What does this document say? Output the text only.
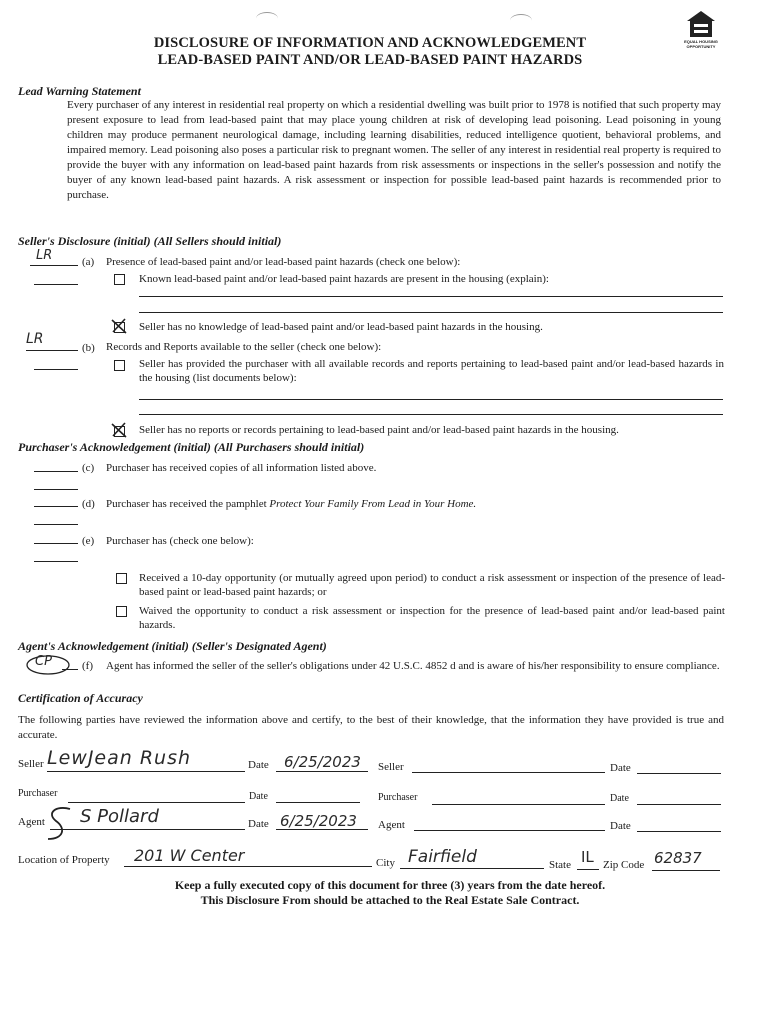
EQUAL HOUSING OPPORTUNITY
DISCLOSURE OF INFORMATION AND ACKNOWLEDGEMENT
LEAD-BASED PAINT AND/OR LEAD-BASED PAINT HAZARDS
Lead Warning Statement
Every purchaser of any interest in residential real property on which a residential dwelling was built prior to 1978 is notified that such property may present exposure to lead from lead-based paint that may place young children at risk of developing lead poisoning. Lead poisoning in young children may produce permanent neurological damage, including learning disabilities, reduced intelligence quotient, behavioral problems, and impaired memory. Lead poisoning also poses a particular risk to pregnant women. The seller of any interest in residential real property is required to provide the buyer with any information on lead-based paint hazards from risk assessments or inspections in the seller's possession and notify the buyer of any known lead-based paint hazards. A risk assessment or inspection for possible lead-based paint hazards is recommended prior to purchase.
Seller's Disclosure (initial) (All Sellers should initial)
LR	(a) Presence of lead-based paint and/or lead-based paint hazards (check one below):
Known lead-based paint and/or lead-based paint hazards are present in the housing (explain):
Seller has no knowledge of lead-based paint and/or lead-based paint hazards in the housing.
LR
(b) Records and Reports available to the seller (check one below):
Seller has provided the purchaser with all available records and reports pertaining to lead-based paint and/or lead-based hazards in the housing (list documents below):
Seller has no reports or records pertaining to lead-based paint and/or lead-based paint hazards in the housing.
Purchaser's Acknowledgement (initial) (All Purchasers should initial)
(c) Purchaser has received copies of all information listed above.
(d) Purchaser has received the pamphlet Protect Your Family From Lead in Your Home.
(e) Purchaser has (check one below):
Received a 10-day opportunity (or mutually agreed upon period) to conduct a risk assessment or inspection of the presence of lead-based paint or lead-based paint hazards; or
Waived the opportunity to conduct a risk assessment or inspection for the presence of lead-based paint and/or lead-based paint hazards.
Agent's Acknowledgement (initial) (Seller's Designated Agent)
CP	(f) Agent has informed the seller of the seller's obligations under 42 U.S.C. 4852 d and is aware of his/her responsibility to ensure compliance.
Certification of Accuracy
The following parties have reviewed the information above and certify, to the best of their knowledge, that the information they have provided is true and accurate.
Seller LewJean Rush	Date 6/25/2023 Seller	Date
Purchaser	Date	Purchaser	Date
Agent S Pollard	Date 6/25/2023 Agent	Date
Location of Property 201 W Center	City Fairfield	State IL Zip Code 62837
Keep a fully executed copy of this document for three (3) years from the date hereof.
This Disclosure From should be attached to the Real Estate Sale Contract.
